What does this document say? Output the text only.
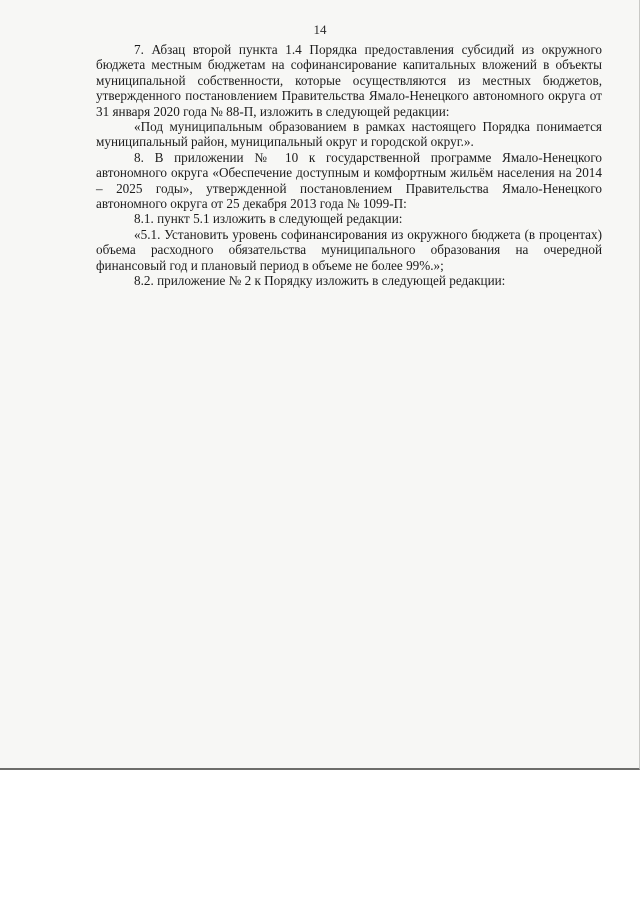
14

7. Абзац второй пункта 1.4 Порядка предоставления субсидий из окружного бюджета местным бюджетам на софинансирование капитальных вложений в объекты муниципальной собственности, которые осуществляются из местных бюджетов, утвержденного постановлением Правительства Ямало-Ненецкого автономного округа от 31 января 2020 года № 88-П, изложить в следующей редакции:

«Под муниципальным образованием в рамках настоящего Порядка понимается муниципальный район, муниципальный округ и городской округ.».

8. В приложении № 10 к государственной программе Ямало-Ненецкого автономного округа «Обеспечение доступным и комфортным жильём населения на 2014 – 2025 годы», утвержденной постановлением Правительства Ямало-Ненецкого автономного округа от 25 декабря 2013 года № 1099-П:

8.1. пункт 5.1 изложить в следующей редакции:

«5.1. Установить уровень софинансирования из окружного бюджета (в процентах) объема расходного обязательства муниципального образования на очередной финансовый год и плановый период в объеме не более 99%.»;

8.2. приложение № 2 к Порядку изложить в следующей редакции:
